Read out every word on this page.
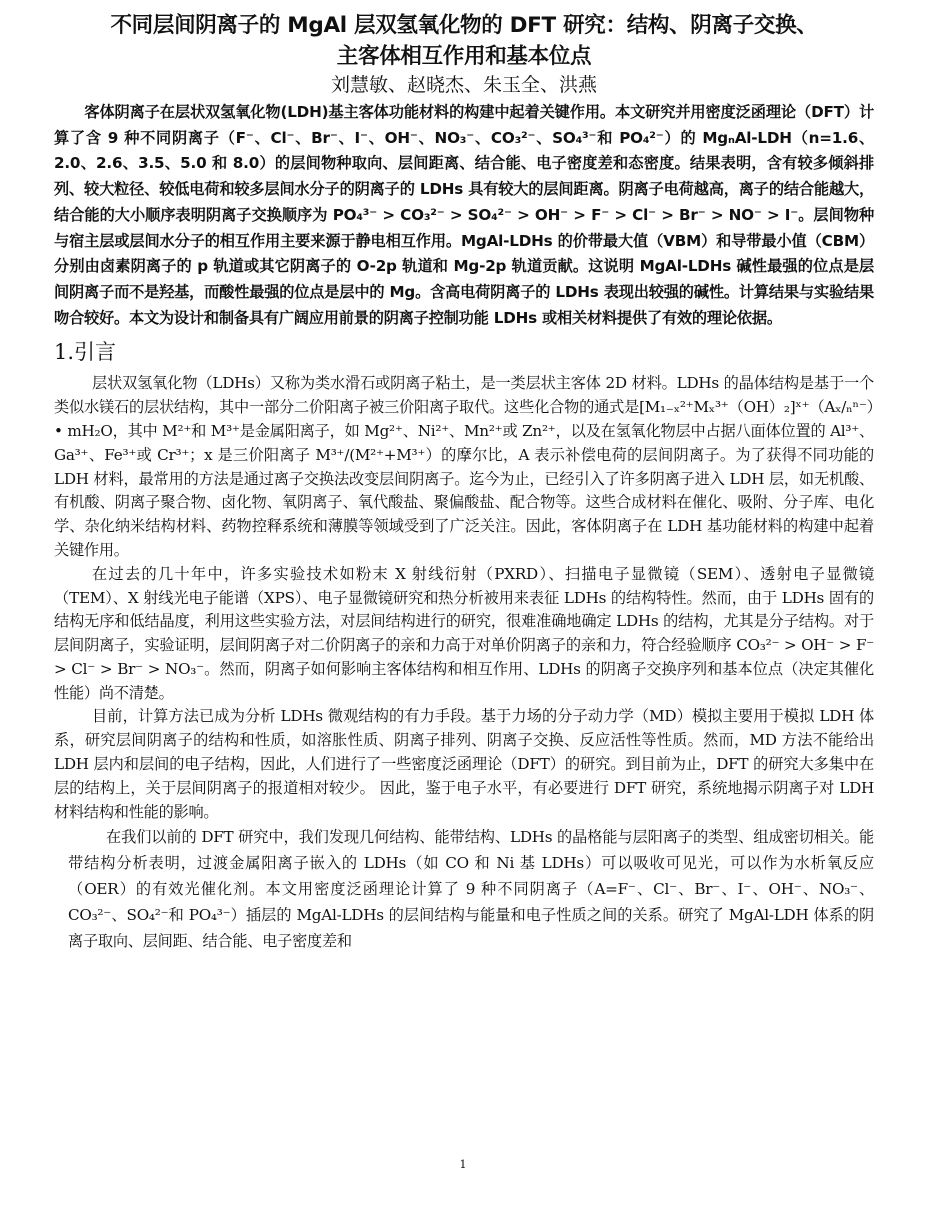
不同层间阴离子的 MgAl 层双氢氧化物的 DFT 研究：结构、阴离子交换、
主客体相互作用和基本位点

刘慧敏、赵晓杰、朱玉全、洪燕

客体阴离子在层状双氢氧化物(LDH)基主客体功能材料的构建中起着关键作用。本文研究并用密度泛函理论（DFT）计算了含 9 种不同阴离子（F⁻、Cl⁻、Br⁻、I⁻、OH⁻、NO₃⁻、CO₃²⁻、SO₄³⁻和 PO₄²⁻）的 MgₙAl-LDH（n=1.6、2.0、2.6、3.5、5.0 和 8.0）的层间物种取向、层间距离、结合能、电子密度差和态密度。结果表明，含有较多倾斜排列、较大粒径、较低电荷和较多层间水分子的阴离子的 LDHs 具有较大的层间距离。阴离子电荷越高，离子的结合能越大，结合能的大小顺序表明阴离子交换顺序为 PO₄³⁻ > CO₃²⁻ > SO₄²⁻ > OH⁻ > F⁻ > Cl⁻ > Br⁻ > NO⁻ > I⁻。层间物种与宿主层或层间水分子的相互作用主要来源于静电相互作用。MgAl-LDHs 的价带最大值（VBM）和导带最小值（CBM）分别由卤素阴离子的 p 轨道或其它阴离子的 O-2p 轨道和 Mg-2p 轨道贡献。这说明 MgAl-LDHs 碱性最强的位点是层间阴离子而不是羟基，而酸性最强的位点是层中的 Mg。含高电荷阴离子的 LDHs 表现出较强的碱性。计算结果与实验结果吻合较好。本文为设计和制备具有广阔应用前景的阴离子控制功能 LDHs 或相关材料提供了有效的理论依据。

1.引言

层状双氢氧化物（LDHs）又称为类水滑石或阴离子粘土，是一类层状主客体 2D 材料。LDHs 的晶体结构是基于一个类似水镁石的层状结构，其中一部分二价阳离子被三价阳离子取代。这些化合物的通式是[M₁₋ₓ²⁺Mₓ³⁺（OH）₂]ˣ⁺（Aₓ/ₙⁿ⁻）• mH₂O，其中 M²⁺和 M³⁺是金属阳离子，如 Mg²⁺、Ni²⁺、Mn²⁺或 Zn²⁺，以及在氢氧化物层中占据八面体位置的 Al³⁺、Ga³⁺、Fe³⁺或 Cr³⁺；x 是三价阳离子 M³⁺/(M²⁺+M³⁺）的摩尔比，A 表示补偿电荷的层间阴离子。为了获得不同功能的 LDH 材料，最常用的方法是通过离子交换法改变层间阴离子。迄今为止，已经引入了许多阴离子进入 LDH 层，如无机酸、有机酸、阴离子聚合物、卤化物、氧阴离子、氧代酸盐、聚偏酸盐、配合物等。这些合成材料在催化、吸附、分子库、电化学、杂化纳米结构材料、药物控释系统和薄膜等领域受到了广泛关注。因此，客体阴离子在 LDH 基功能材料的构建中起着关键作用。

在过去的几十年中，许多实验技术如粉末 X 射线衍射（PXRD）、扫描电子显微镜（SEM）、透射电子显微镜（TEM）、X 射线光电子能谱（XPS）、电子显微镜研究和热分析被用来表征 LDHs 的结构特性。然而，由于 LDHs 固有的结构无序和低结晶度，利用这些实验方法，对层间结构进行的研究，很难准确地确定 LDHs 的结构，尤其是分子结构。对于层间阴离子，实验证明，层间阴离子对二价阴离子的亲和力高于对单价阴离子的亲和力，符合经验顺序 CO₃²⁻ > OH⁻ > F⁻ > Cl⁻ > Br⁻ > NO₃⁻。然而，阴离子如何影响主客体结构和相互作用、LDHs 的阴离子交换序列和基本位点（决定其催化性能）尚不清楚。

目前，计算方法已成为分析 LDHs 微观结构的有力手段。基于力场的分子动力学（MD）模拟主要用于模拟 LDH 体系，研究层间阴离子的结构和性质，如溶胀性质、阴离子排列、阴离子交换、反应活性等性质。然而，MD 方法不能给出 LDH 层内和层间的电子结构，因此，人们进行了一些密度泛函理论（DFT）的研究。到目前为止，DFT 的研究大多集中在层的结构上，关于层间阴离子的报道相对较少。 因此，鉴于电子水平，有必要进行 DFT 研究，系统地揭示阴离子对 LDH 材料结构和性能的影响。

在我们以前的 DFT 研究中，我们发现几何结构、能带结构、LDHs 的晶格能与层阳离子的类型、组成密切相关。能带结构分析表明，过渡金属阳离子嵌入的 LDHs（如 CO 和 Ni 基 LDHs）可以吸收可见光，可以作为水析氧反应（OER）的有效光催化剂。本文用密度泛函理论计算了 9 种不同阴离子（A=F⁻、Cl⁻、Br⁻、I⁻、OH⁻、NO₃⁻、CO₃²⁻、SO₄²⁻和 PO₄³⁻）插层的 MgAl-LDHs 的层间结构与能量和电子性质之间的关系。研究了 MgAl-LDH 体系的阴离子取向、层间距、结合能、电子密度差和

1
